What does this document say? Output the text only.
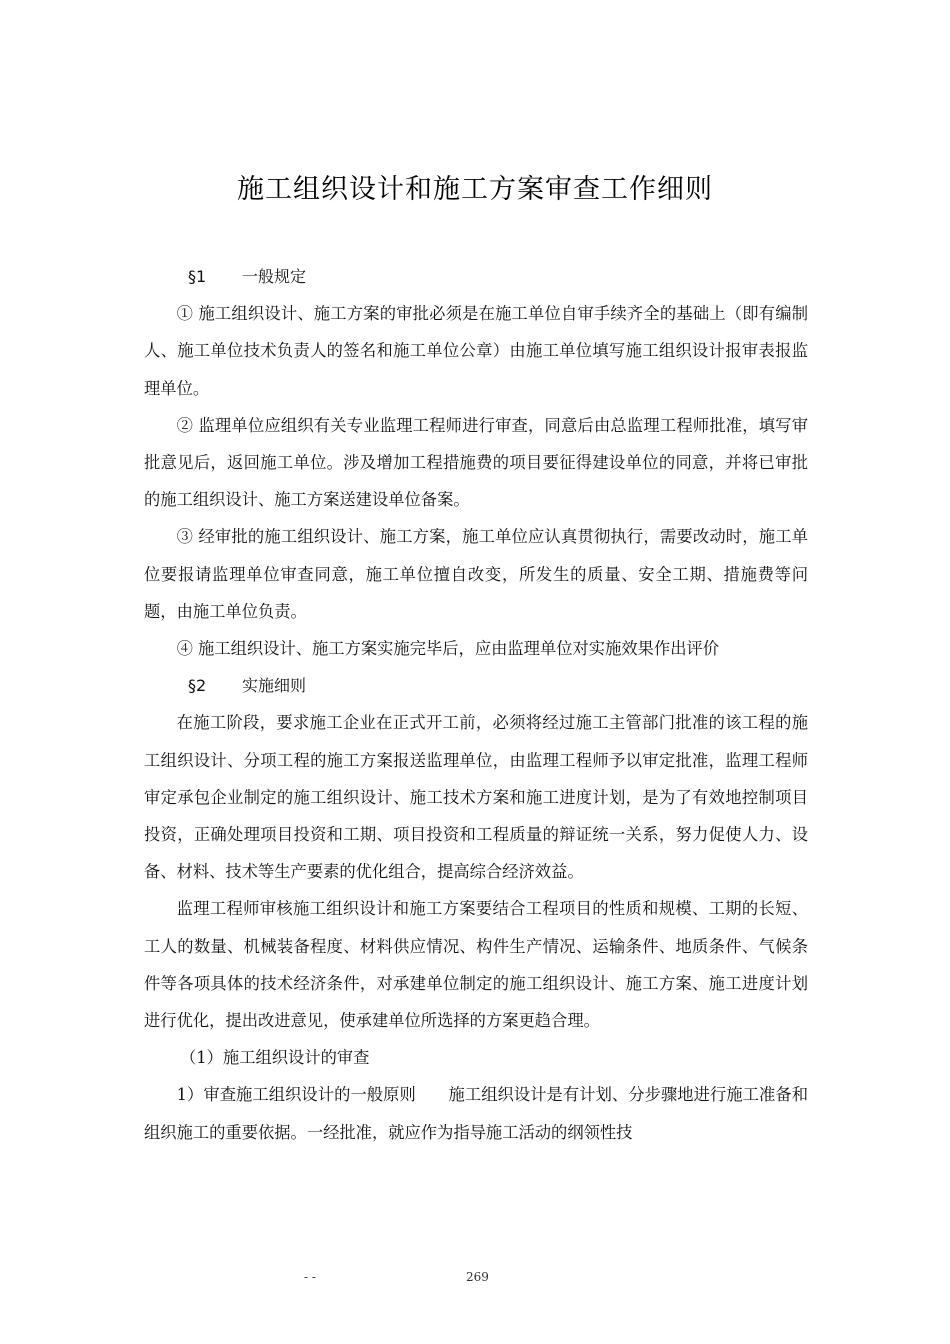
施工组织设计和施工方案审查工作细则

§1 一般规定

① 施工组织设计、施工方案的审批必须是在施工单位自审手续齐全的基础上（即有编制人、施工单位技术负责人的签名和施工单位公章）由施工单位填写施工组织设计报审表报监理单位。

② 监理单位应组织有关专业监理工程师进行审查，同意后由总监理工程师批准，填写审批意见后，返回施工单位。涉及增加工程措施费的项目要征得建设单位的同意，并将已审批的施工组织设计、施工方案送建设单位备案。

③ 经审批的施工组织设计、施工方案，施工单位应认真贯彻执行，需要改动时，施工单位要报请监理单位审查同意，施工单位擅自改变，所发生的质量、安全工期、措施费等问题，由施工单位负责。

④ 施工组织设计、施工方案实施完毕后，应由监理单位对实施效果作出评价

§2 实施细则

在施工阶段，要求施工企业在正式开工前，必须将经过施工主管部门批准的该工程的施工组织设计、分项工程的施工方案报送监理单位，由监理工程师予以审定批准，监理工程师审定承包企业制定的施工组织设计、施工技术方案和施工进度计划，是为了有效地控制项目投资，正确处理项目投资和工期、项目投资和工程质量的辩证统一关系，努力促使人力、设备、材料、技术等生产要素的优化组合，提高综合经济效益。

监理工程师审核施工组织设计和施工方案要结合工程项目的性质和规模、工期的长短、工人的数量、机械装备程度、材料供应情况、构件生产情况、运输条件、地质条件、气候条件等各项具体的技术经济条件，对承建单位制定的施工组织设计、施工方案、施工进度计划进行优化，提出改进意见，使承建单位所选择的方案更趋合理。

（1）施工组织设计的审查

1）审查施工组织设计的一般原则　　施工组织设计是有计划、分步骤地进行施工准备和组织施工的重要依据。一经批准，就应作为指导施工活动的纲领性技

- -	269
